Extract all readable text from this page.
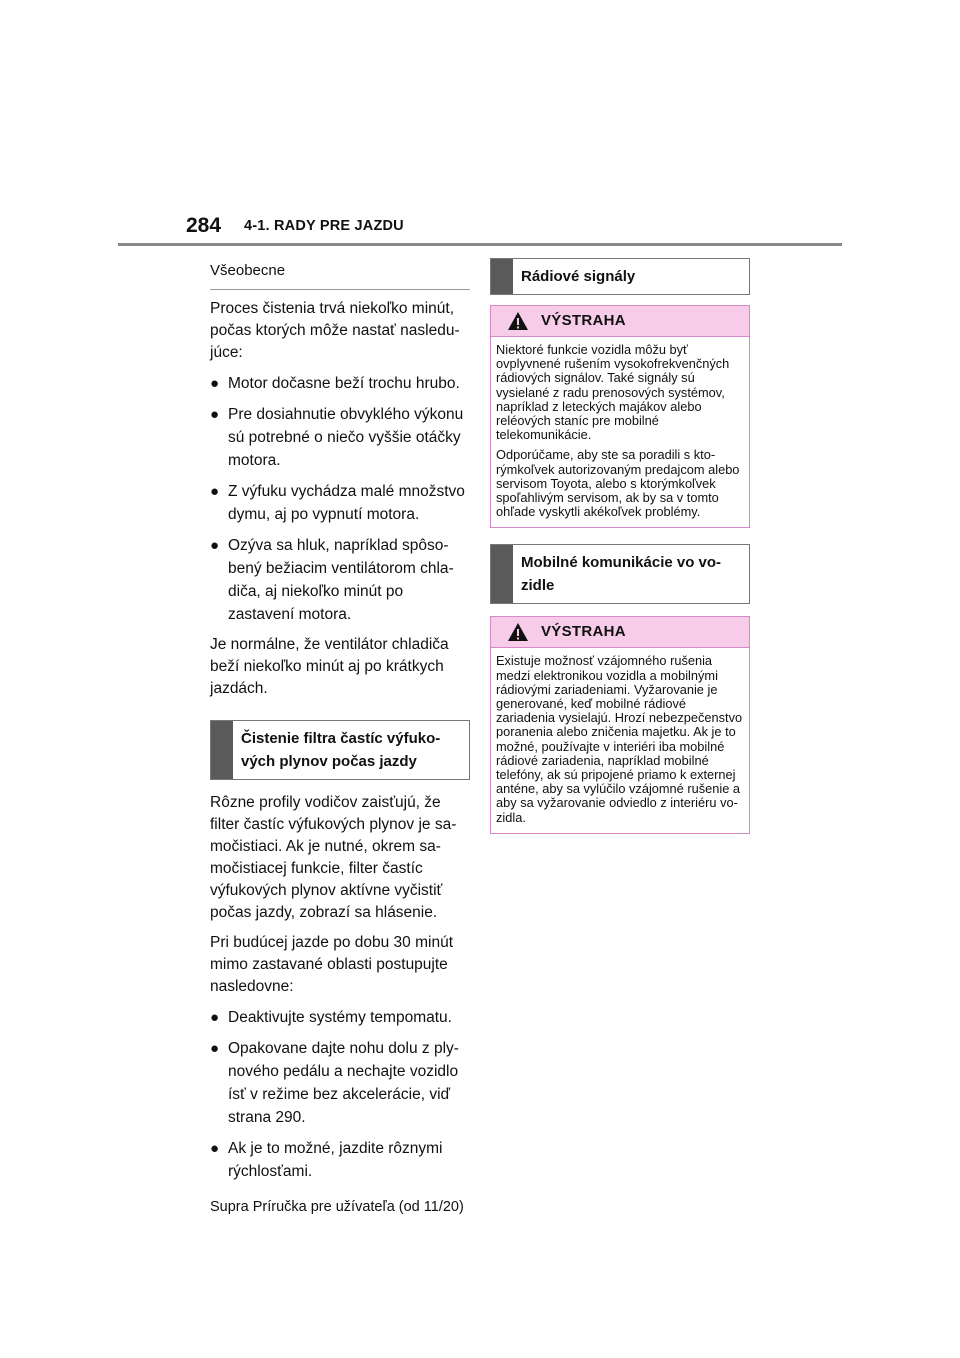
284 4-1. RADY PRE JAZDU
Všeobecne

Proces čistenia trvá niekoľko minút, počas ktorých môže nastať nasledujúce:

● Motor dočasne beží trochu hrubo.
● Pre dosiahnutie obvyklého výkonu sú potrebné o niečo vyššie otáčky motora.
● Z výfuku vychádza malé množstvo dymu, aj po vypnutí motora.
● Ozýva sa hluk, napríklad spôsobený bežiacim ventilátorom chladiča, aj niekoľko minút po zastavení motora.

Je normálne, že ventilátor chladiča beží niekoľko minút aj po krátkych jazdách.

Čistenie filtra častíc výfukových plynov počas jazdy

Rôzne profily vodičov zaisťujú, že filter častíc výfukových plynov je samočistiaci. Ak je nutné, okrem samočistiacej funkcie, filter častíc výfukových plynov aktívne vyčistiť počas jazdy, zobrazí sa hlásenie.

Pri budúcej jazde po dobu 30 minút mimo zastavané oblasti postupujte nasledovne:

● Deaktivujte systémy tempomatu.
● Opakovane dajte nohu dolu z plynového pedálu a nechajte vozidlo ísť v režime bez akcelerácie, viď strana 290.
● Ak je to možné, jazdite rôznymi rýchlosťami.
Rádiové signály
VÝSTRAHA

Niektoré funkcie vozidla môžu byť ovplyvnené rušením vysokofrekvenčných rádiových signálov. Také signály sú vysielané z radu prenosových systémov, napríklad z leteckých majákov alebo reléových staníc pre mobilné telekomunikácie.

Odporúčame, aby ste sa poradili s ktorýmkoľvek autorizovaným predajcom alebo servisom Toyota, alebo s ktorýmkoľvek spoľahlivým servisom, ak by sa v tomto ohľade vyskytli akékoľvek problémy.

Mobilné komunikácie vo vozidle
VÝSTRAHA

Existuje možnosť vzájomného rušenia medzi elektronikou vozidla a mobilnými rádiovými zariadeniami. Vyžarovanie je generované, keď mobilné rádiové zariadenia vysielajú. Hrozí nebezpečenstvo poranenia alebo zničenia majetku. Ak je to možné, používajte v interiéri iba mobilné rádiové zariadenia, napríklad mobilné telefóny, ak sú pripojené priamo k externej anténe, aby sa vylúčilo vzájomné rušenie a aby sa vyžarovanie odviedlo z interiéru vozidla.

Supra Príručka pre užívateľa (od 11/20)
